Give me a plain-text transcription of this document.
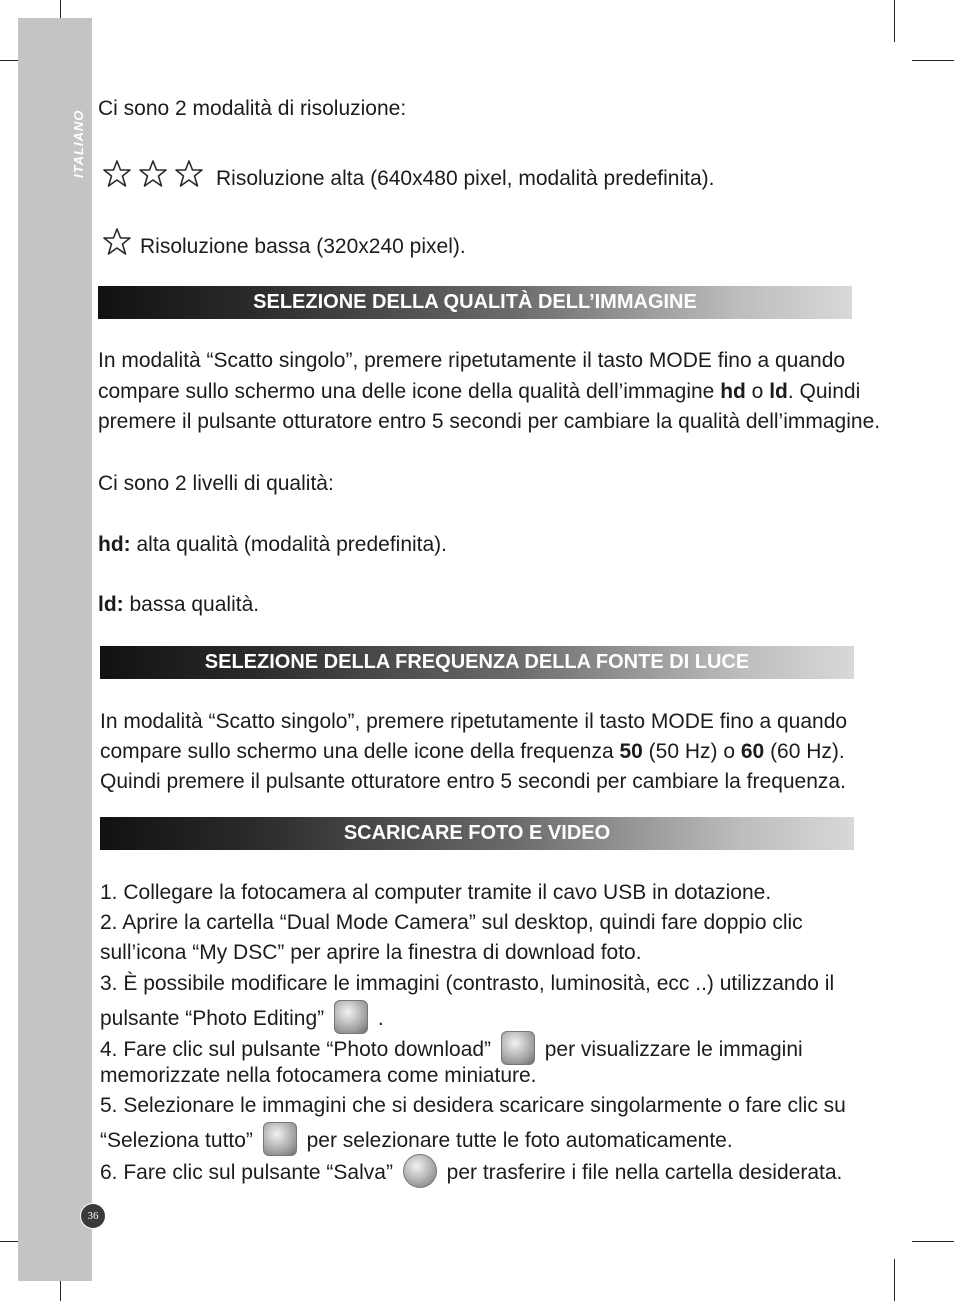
ITALIANO
36
Ci sono 2 modalità di risoluzione:
Risoluzione alta (640x480 pixel, modalità predefinita).
Risoluzione bassa (320x240 pixel).
SELEZIONE DELLA QUALITÀ DELL’IMMAGINE
In modalità “Scatto singolo”, premere ripetutamente il tasto MODE fino a quando
compare sullo schermo una delle icone della qualità dell’immagine hd o ld. Quindi
premere il pulsante otturatore entro 5 secondi per cambiare la qualità dell’immagine.
Ci sono 2 livelli di qualità:
hd: alta qualità (modalità predefinita).
ld: bassa qualità.
SELEZIONE DELLA FREQUENZA DELLA FONTE DI LUCE
In modalità “Scatto singolo”, premere ripetutamente il tasto MODE fino a quando
compare sullo schermo una delle icone della frequenza 50 (50 Hz) o 60 (60 Hz).
Quindi premere il pulsante otturatore entro 5 secondi per cambiare la frequenza.
SCARICARE FOTO E VIDEO
1. Collegare la fotocamera al computer tramite il cavo USB in dotazione.
2. Aprire la cartella “Dual Mode Camera” sul desktop, quindi fare doppio clic
sull’icona “My DSC” per aprire la finestra di download foto.
3. È possibile modificare le immagini (contrasto, luminosità, ecc ..) utilizzando il
pulsante “Photo Editing”	.
4. Fare clic sul pulsante “Photo download”	per visualizzare le immagini
memorizzate nella fotocamera come miniature.
5. Selezionare le immagini che si desidera scaricare singolarmente o fare clic su
“Seleziona tutto”	per selezionare tutte le foto automaticamente.
6. Fare clic sul pulsante “Salva”	per trasferire i file nella cartella desiderata.
